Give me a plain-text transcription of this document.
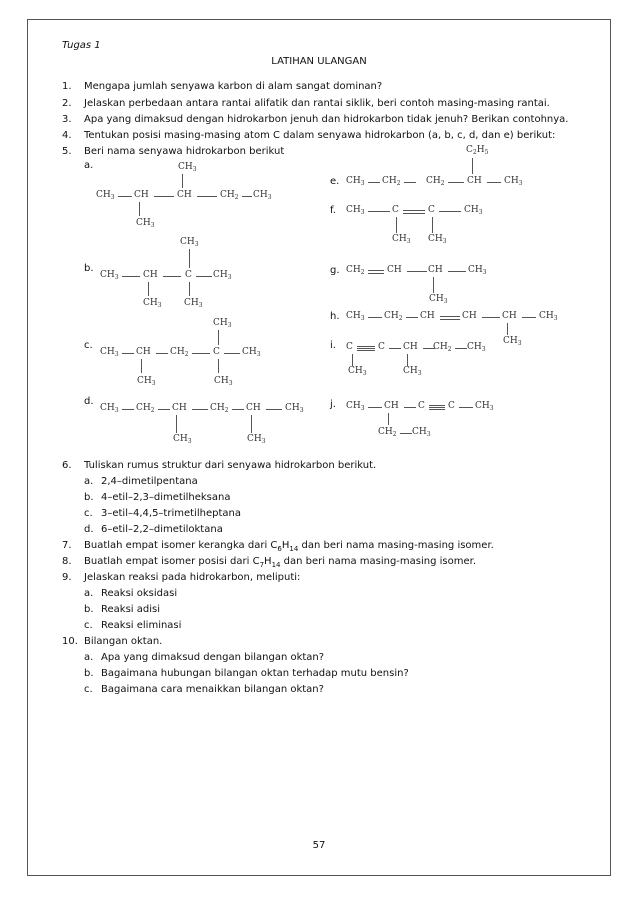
Tugas 1
LATIHAN ULANGAN
1. Mengapa jumlah senyawa karbon di alam sangat dominan?
2. Jelaskan perbedaan antara rantai alifatik dan rantai siklik, beri contoh masing-masing rantai.
3. Apa yang dimaksud dengan hidrokarbon jenuh dan hidrokarbon tidak jenuh? Berikan contohnya.
4. Tentukan posisi masing-masing atom C dalam senyawa hidrokarbon (a, b, c, d, dan e) berikut:
5. Beri nama senyawa hidrokarbon berikut
a.
b.
c.
d.
e.
f.
g.
h.
i.
j.
$CH_3$ CH	CH	$CH_2$ $CH_3$
$CH_3$
$CH_3$
$CH_3$	CH	C $CH_3$
$CH_3$
$CH_3$ $CH_3$
$CH_3$ CH $CH_2$	C $CH_3$
$CH_3$
$CH_3$	$CH_3$
$CH_3$ $CH_2$ CH	$CH_2$ CH	$CH_3$
$CH_3$	$CH_3$
$CH_3$ $CH_2$	$CH_2$ CH $CH_3$
$C_2H_5$
$CH_3$	C	C	$CH_3$
$CH_3$ $CH_3$
$CH_2$ CH	CH	$CH_3$
$CH_3$
$CH_3$ $CH_2$ CH	CH	CH $CH_3$
$CH_3$
C	C CH $CH_2$ $CH_3$
$CH_3$	$CH_3$
$CH_3$ CH C	C $CH_3$
$CH_2$ $CH_3$
6. Tuliskan rumus struktur dari senyawa hidrokarbon berikut.
a. 2,4–dimetilpentana
b. 4–etil–2,3–dimetilheksana
c. 3–etil–4,4,5–trimetilheptana
d. 6–etil–2,2–dimetiloktana
7. Buatlah empat isomer kerangka dari $C_6H_{14}$ dan beri nama masing-masing isomer.
8. Buatlah empat isomer posisi dari $C_7H_{14}$ dan beri nama masing-masing isomer.
9. Jelaskan reaksi pada hidrokarbon, meliputi:
a. Reaksi oksidasi
b. Reaksi adisi
c. Reaksi eliminasi
10. Bilangan oktan.
a. Apa yang dimaksud dengan bilangan oktan?
b. Bagaimana hubungan bilangan oktan terhadap mutu bensin?
c. Bagaimana cara menaikkan bilangan oktan?
57
